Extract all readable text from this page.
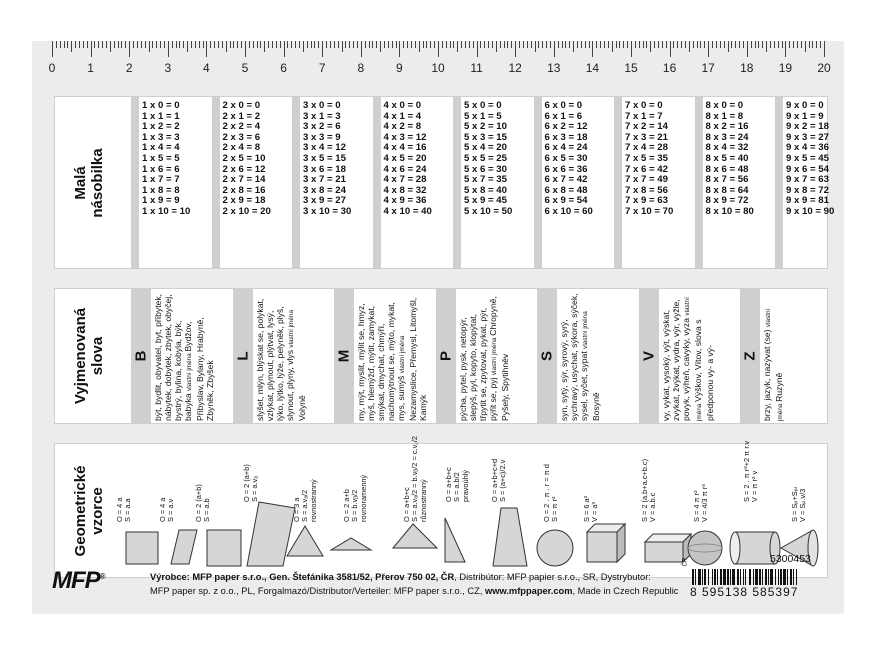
0	1	2	3	4	5	6	7	8	9 10 11 12 13 14 15 16 17 18 19 20
Malá
násobilka
1 x 0 = 0
1 x 1 = 1
1 x 2 = 2
1 x 3 = 3
1 x 4 = 4
1 x 5 = 5
1 x 6 = 6
1 x 7 = 7
1 x 8 = 8
1 x 9 = 9
1 x 10 = 10
2 x 0 = 0
2 x 1 = 2
2 x 2 = 4
2 x 3 = 6
2 x 4 = 8
2 x 5 = 10
2 x 6 = 12
2 x 7 = 14
2 x 8 = 16
2 x 9 = 18
2 x 10 = 20
3 x 0 = 0
3 x 1 = 3
3 x 2 = 6
3 x 3 = 9
3 x 4 = 12
3 x 5 = 15
3 x 6 = 18
3 x 7 = 21
3 x 8 = 24
3 x 9 = 27
3 x 10 = 30
4 x 0 = 0
4 x 1 = 4
4 x 2 = 8
4 x 3 = 12
4 x 4 = 16
4 x 5 = 20
4 x 6 = 24
4 x 7 = 28
4 x 8 = 32
4 x 9 = 36
4 x 10 = 40
5 x 0 = 0
5 x 1 = 5
5 x 2 = 10
5 x 3 = 15
5 x 4 = 20
5 x 5 = 25
5 x 6 = 30
5 x 7 = 35
5 x 8 = 40
5 x 9 = 45
5 x 10 = 50
6 x 0 = 0
6 x 1 = 6
6 x 2 = 12
6 x 3 = 18
6 x 4 = 24
6 x 5 = 30
6 x 6 = 36
6 x 7 = 42
6 x 8 = 48
6 x 9 = 54
6 x 10 = 60
7 x 0 = 0
7 x 1 = 7
7 x 2 = 14
7 x 3 = 21
7 x 4 = 28
7 x 5 = 35
7 x 6 = 42
7 x 7 = 49
7 x 8 = 56
7 x 9 = 63
7 x 10 = 70
8 x 0 = 0
8 x 1 = 8
8 x 2 = 16
8 x 3 = 24
8 x 4 = 32
8 x 5 = 40
8 x 6 = 48
8 x 7 = 56
8 x 8 = 64
8 x 9 = 72
8 x 10 = 80
9 x 0 = 0
9 x 1 = 9
9 x 2 = 18
9 x 3 = 27
9 x 4 = 36
9 x 5 = 45
9 x 6 = 54
9 x 7 = 63
9 x 8 = 72
9 x 9 = 81
9 x 10 = 90
Vyjmenovaná
slova B být, bydlit, obyvatel, byt, příbytek, nábytek, dobytek, zbytek, obyčej, bystrý, bylina, kobyla, býk, babyka vlastní jména Bydžov, Přibyslav, Bylany, Hrabyně, Zbyněk, Zbyšek
L slyšet, mlýn, blýskat se, polykat, vzlykat, plynout, plýtvat, lysý, lýko, lýtko, lýže, pelyněk, plyš, slynout, plyny, vlys vlastní jména Volyně
M my, mýt, myslit, mýlit se, hmyz, myš, hlemýžď, mýtit, zamykat, smýkat, dmychat, chmýří, nachomýtnout se, mýto, mykat, mys, sumýš vlastní jména Nezamyslice, Přemysl, Litomyšl, Kamýk
P pýcha, pytel, pysk, netopýr, slepýš, pyl, kopyto, klopýtat, třpytit se, zpytovat, pykat, pýr, pýřit se, pyj vlastní jména Chropyně, Pyšely, Spytihněv	S syn, sytý, sýr, syrový, syrý, sychravý, usychat, sýkora, sýček, sysel, syčet, sypat vlastní jména Bosyně
V vy, vykat, vysoký, výt, výskat, zvykat, žvýkat, vydra, výr, vyžle, povyk, výheň, cavyky, vyza vlastní jména Výškov, Vítov, slova s předponou vy- a vý- Z brzy, jazyk, nazývat (se) vlastní jména Ruzyně
Geometrické
vzorce O = 4 a
S = a.a	O = 4 a
S = a.v	O = 2 (a+b)
S = a.b
O = 2 (a+b)
S = a.vₐ
O = 3 a
S = a.vₐ/2
rovnostranný	O = 2 a+b
S = b.vᵦ/2
rovnoramenný	O = a+b+c
S = a.vₐ/2 = b.vᵦ/2 = c.v꜀/2
různostranný O = a+b+c
S = a.b/2
pravoúhlý	O = a+b+c+d
S = (a+c)/2.v	O = 2 . π . r = π d
S = π r²	S = 6 a²
V = a³	S = 2 (a.b+a.c+b.c)
V = a.b.c	S = 4 π r²
V = 4/3 π r³
S = 2 . π r²+2 π r.v
V = π r² v
S = Sₚ+Sₚₗ
V = Sₚ.v/3
5300453
MFP®	Výrobce: MFP paper s.r.o., Gen. Štefánika 3581/52, Přerov 750 02, ČR, Distribútor: MFP papier s.r.o., SR, Dystrybutor:
MFP paper sp. z o.o., PL, Forgalmazó/Distributor/Verteiler: MFP paper s.r.o., CZ, www.mfppaper.com, Made in Czech Republic 8 595138 585397
ČR
